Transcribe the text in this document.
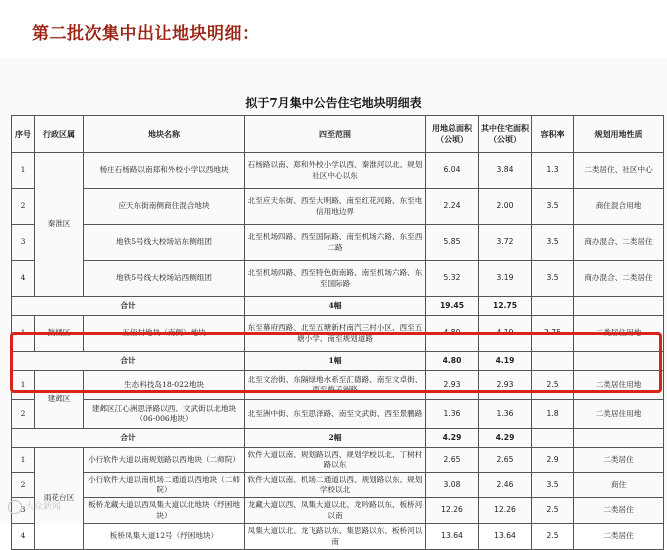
第二批次集中出让地块明细：
拟于7月集中公告住宅地块明细表
序号	行政区属	地块名称	四至范围	用地总面积（公顷）	其中住宅面积（公顷）	容积率	规划用地性质
1	秦淮区	杨庄石杨路以南郑和外校小学以西地块	石杨路以南、郑和外校小学以西、秦淮河以北、规划社区中心以东	6.04	3.84	1.3	二类居住、社区中心
2		应天东街南侧商住混合地块	北至应天东街、西至大明路、南至红花河路、东至电信用地边界	2.24	2.00	3.5	商住混合用地
3		地铁5号线大校场站东侧组团	北至机场四路、西至国际路、南至机场六路、东至西二路	5.85	3.72	3.5	商办混合、二类居住
4		地铁5号线大校场站西侧组团	北至机场四路、西至特色街南路、南至机场六路、东至国际路	5.32	3.19	3.5	商办混合、二类居住
合计			4幅	19.45	12.75		
1	鼓楼区	五佰村地块（南侧）地块	东至幕府西路、北至五塘新村南汽三村小区、西至五塘小学、南至规划道路	4.80	4.19	2.75	二类居住用地
合计			1幅	4.80	4.19		
1	建邺区	生态科技岛18-022地块	北至文治街、东隔绿地水系至汇德路、南至文卓街、西至梅子洲路	2.93	2.93	2.5	二类居住用地
2		建邺区江心洲思泽路以西、文武街以北地块（06-006地块）	北至洲中街、东至思泽路、南至文武街、西至景鹏路	1.36	1.36	1.8	二类居住用地
合计			2幅	4.29	4.29		
1	雨花台区	小行软件大道以南规划路以西地块（二师院）	软件大道以南、规划路以西、规划学校以北、丁树村路以东	2.65	2.65	2.9	二类居住
2		小行软件大道以南机场二通道以西地块（二师院）	软件大道以南、机场二通道以西、规划路以东、规划学校以北	3.08	2.46	3.5	商住
3		板桥龙藏大道以西凤集大道以北地块（纾困地块）	龙藏大道以西、凤集大道以北、龙吟路以东、板桥河以南	12.26	12.26	2.5	二类居住
4		板桥凤集大道12号（纾困地块）	凤集大道以北、龙飞路以东、集思路以东、板桥河以南	13.64	13.64	2.5	二类居住
大众新闻
